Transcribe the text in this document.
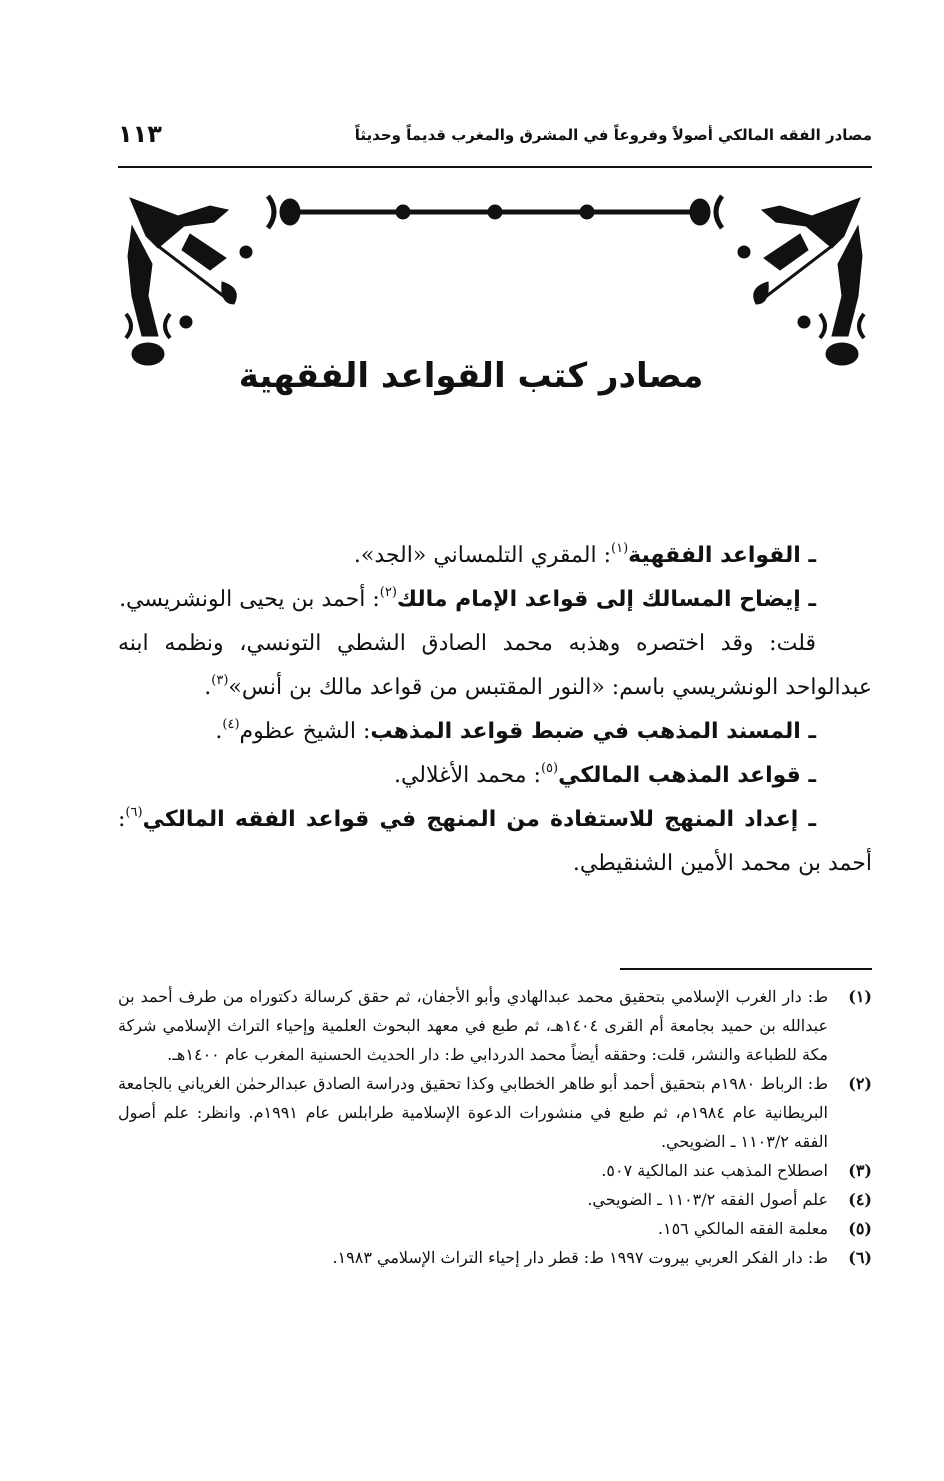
مصادر الفقه المالكي أصولاً وفروعاً في المشرق والمغرب قديماً وحديثاً
١١٣
مصادر كتب القواعد الفقهية

ـ القواعد الفقهية$^{(١)}$: المقري التلمساني «الجد».

ـ إيضاح المسالك إلى قواعد الإمام مالك$^{(٢)}$: أحمد بن يحيى الونشريسي.

قلت: وقد اختصره وهذبه محمد الصادق الشطي التونسي، ونظمه ابنه عبدالواحد الونشريسي باسم: «النور المقتبس من قواعد مالك بن أنس»$^{(٣)}$.

ـ المسند المذهب في ضبط قواعد المذهب: الشيخ عظوم$^{(٤)}$.

ـ قواعد المذهب المالكي$^{(٥)}$: محمد الأغلالي.

ـ إعداد المنهج للاستفادة من المنهج في قواعد الفقه المالكي$^{(٦)}$: أحمد بن محمد الأمين الشنقيطي.

(١)
ط: دار الغرب الإسلامي بتحقيق محمد عبدالهادي وأبو الأجفان، ثم حقق كرسالة دكتوراه من طرف أحمد بن عبدالله بن حميد بجامعة أم القرى ١٤٠٤هـ، ثم طبع في معهد البحوث العلمية وإحياء التراث الإسلامي شركة مكة للطباعة والنشر، قلت: وحققه أيضاً محمد الدردابي ط: دار الحديث الحسنية المغرب عام ١٤٠٠هـ.
(٢)
ط: الرباط ١٩٨٠م بتحقيق أحمد أبو طاهر الخطابي وكذا تحقيق ودراسة الصادق عبدالرحمٰن الغرياني بالجامعة البريطانية عام ١٩٨٤م، ثم طبع في منشورات الدعوة الإسلامية طرابلس عام ١٩٩١م. وانظر: علم أصول الفقه ١١٠٣/٢ ـ الضويحي.
(٣)
اصطلاح المذهب عند المالكية ٥٠٧.
(٤)
علم أصول الفقه ١١٠٣/٢ ـ الضويحي.
(٥)
معلمة الفقه المالكي ١٥٦.
(٦)
ط: دار الفكر العربي بيروت ١٩٩٧ ط: قطر دار إحياء التراث الإسلامي ١٩٨٣.
